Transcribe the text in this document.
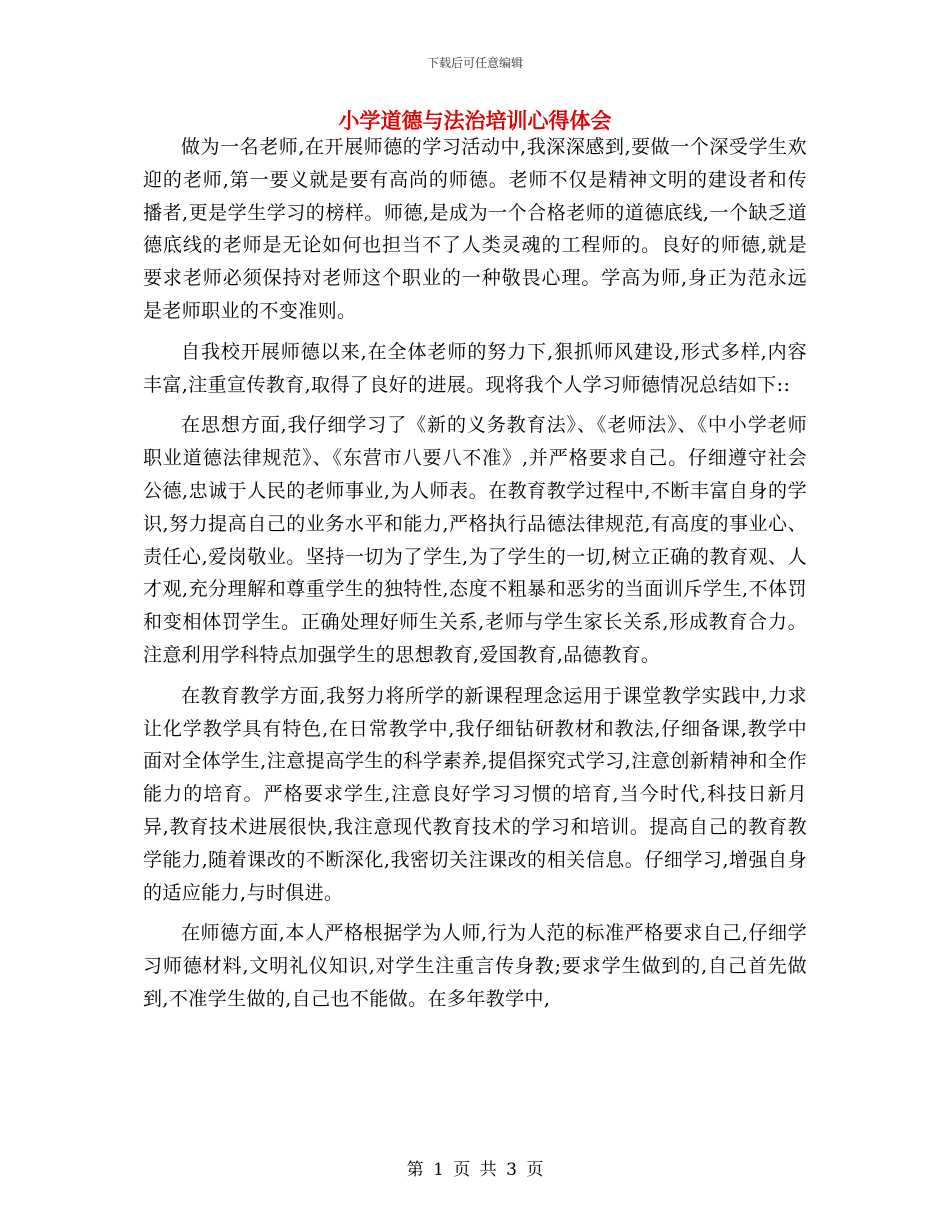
下载后可任意编辑
小学道德与法治培训心得体会

做为一名老师,在开展师德的学习活动中,我深深感到,要做一个深受学生欢迎的老师,第一要义就是要有高尚的师德。老师不仅是精神文明的建设者和传播者,更是学生学习的榜样。师德,是成为一个合格老师的道德底线,一个缺乏道德底线的老师是无论如何也担当不了人类灵魂的工程师的。良好的师德,就是要求老师必须保持对老师这个职业的一种敬畏心理。学高为师,身正为范永远是老师职业的不变准则。

自我校开展师德以来,在全体老师的努力下,狠抓师风建设,形式多样,内容丰富,注重宣传教育,取得了良好的进展。现将我个人学习师德情况总结如下::

在思想方面,我仔细学习了《新的义务教育法》、《老师法》、《中小学老师职业道德法律规范》、《东营市八要八不准》,并严格要求自己。仔细遵守社会公德,忠诚于人民的老师事业,为人师表。在教育教学过程中,不断丰富自身的学识,努力提高自己的业务水平和能力,严格执行品德法律规范,有高度的事业心、责任心,爱岗敬业。坚持一切为了学生,为了学生的一切,树立正确的教育观、人才观,充分理解和尊重学生的独特性,态度不粗暴和恶劣的当面训斥学生,不体罚和变相体罚学生。正确处理好师生关系,老师与学生家长关系,形成教育合力。注意利用学科特点加强学生的思想教育,爱国教育,品德教育。

在教育教学方面,我努力将所学的新课程理念运用于课堂教学实践中,力求让化学教学具有特色,在日常教学中,我仔细钻研教材和教法,仔细备课,教学中面对全体学生,注意提高学生的科学素养,提倡探究式学习,注意创新精神和全作能力的培育。严格要求学生,注意良好学习习惯的培育,当今时代,科技日新月异,教育技术进展很快,我注意现代教育技术的学习和培训。提高自己的教育教学能力,随着课改的不断深化,我密切关注课改的相关信息。仔细学习,增强自身的适应能力,与时俱进。

在师德方面,本人严格根据学为人师,行为人范的标准严格要求自己,仔细学习师德材料,文明礼仪知识,对学生注重言传身教;要求学生做到的,自己首先做到,不准学生做的,自己也不能做。在多年教学中,

第 1 页 共 3 页
